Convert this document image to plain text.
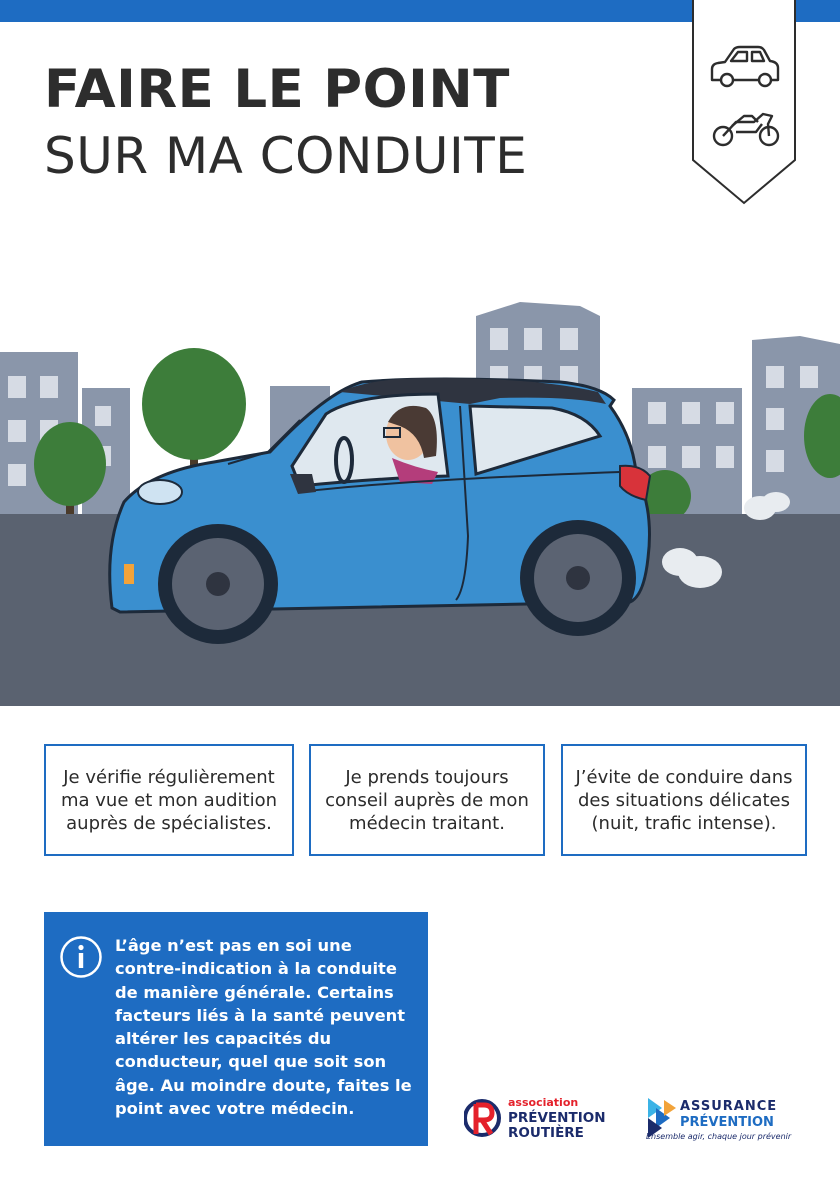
FAIRE LE POINT
SUR MA CONDUITE
Je vérifie régulièrement ma vue et mon audition auprès de spécialistes.
Je prends toujours conseil auprès de mon médecin traitant.
J’évite de conduire dans des situations délicates (nuit, trafic intense).
L’âge n’est pas en soi une contre-indication à la conduite de manière générale. Certains facteurs liés à la santé peuvent altérer les capacités du conducteur, quel que soit son âge. Au moindre doute, faites le point avec votre médecin.	association
PRÉVENTION
ROUTIÈRE
ASSURANCE
PRÉVENTION
Ensemble agir, chaque jour prévenir
